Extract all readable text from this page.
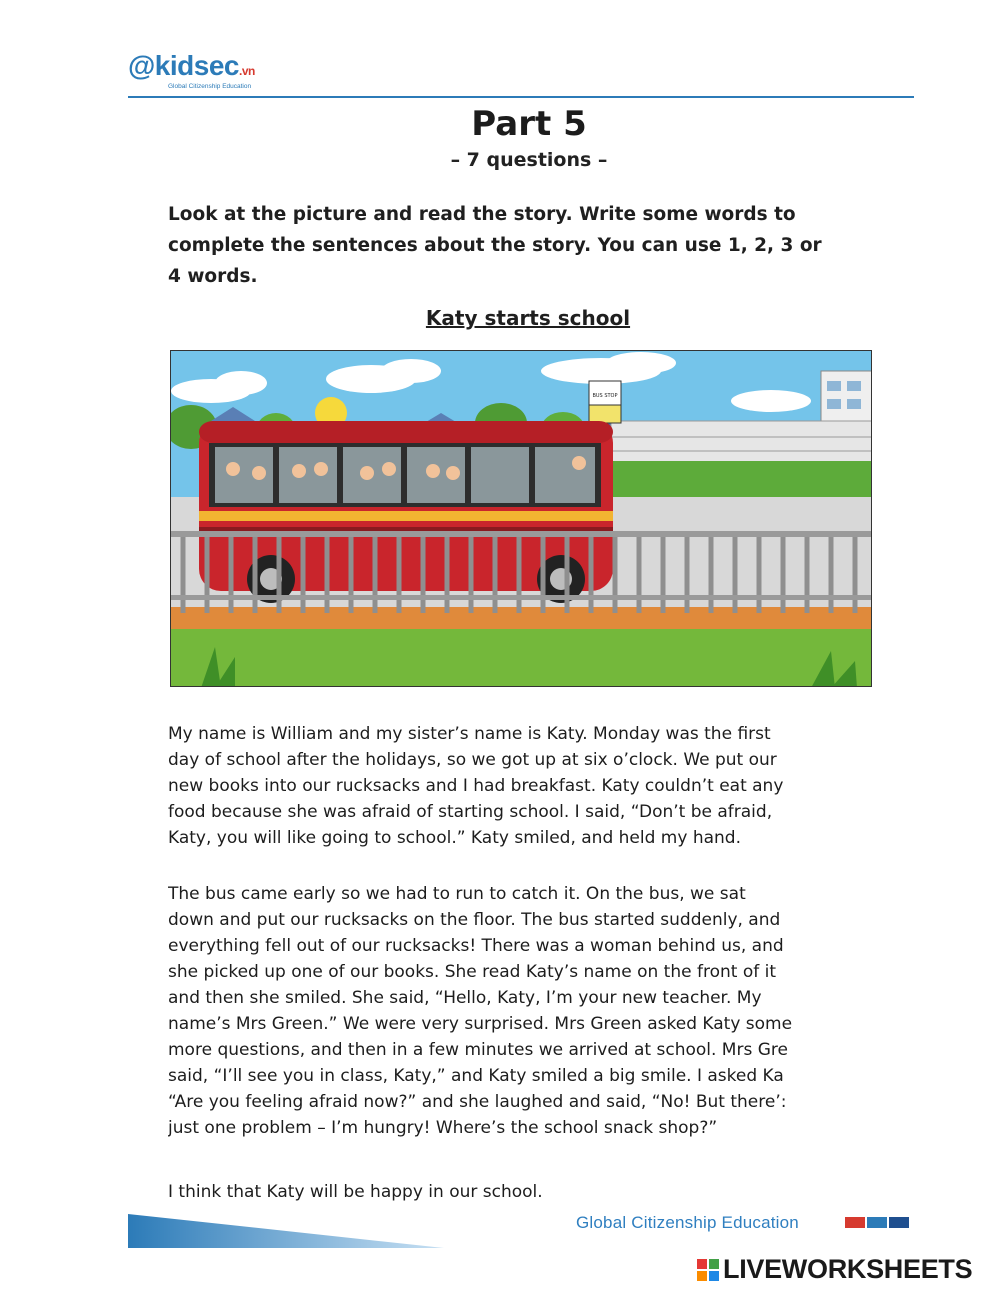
@kidsec.vn
Global Citizenship Education
Part 5
– 7 questions –
Look at the picture and read the story. Write some words to
complete the sentences about the story. You can use 1, 2, 3 or
4 words.
Katy starts school
BUS STOP
My name is William and my sister’s name is Katy. Monday was the first
day of school after the holidays, so we got up at six o’clock. We put our
new books into our rucksacks and I had breakfast. Katy couldn’t eat any
food because she was afraid of starting school. I said, “Don’t be afraid,
Katy, you will like going to school.” Katy smiled, and held my hand.
The bus came early so we had to run to catch it. On the bus, we sat
down and put our rucksacks on the floor. The bus started suddenly, and
everything fell out of our rucksacks! There was a woman behind us, and
she picked up one of our books. She read Katy’s name on the front of it
and then she smiled. She said, “Hello, Katy, I’m your new teacher. My
name’s Mrs Green.” We were very surprised. Mrs Green asked Katy some
more questions, and then in a few minutes we arrived at school. Mrs Gre
said, “I’ll see you in class, Katy,” and Katy smiled a big smile. I asked Ka
“Are you feeling afraid now?” and she laughed and said, “No! But there’:
just one problem – I’m hungry! Where’s the school snack shop?”
I think that Katy will be happy in our school.
Global Citizenship Education
LIVEWORKSHEETS
